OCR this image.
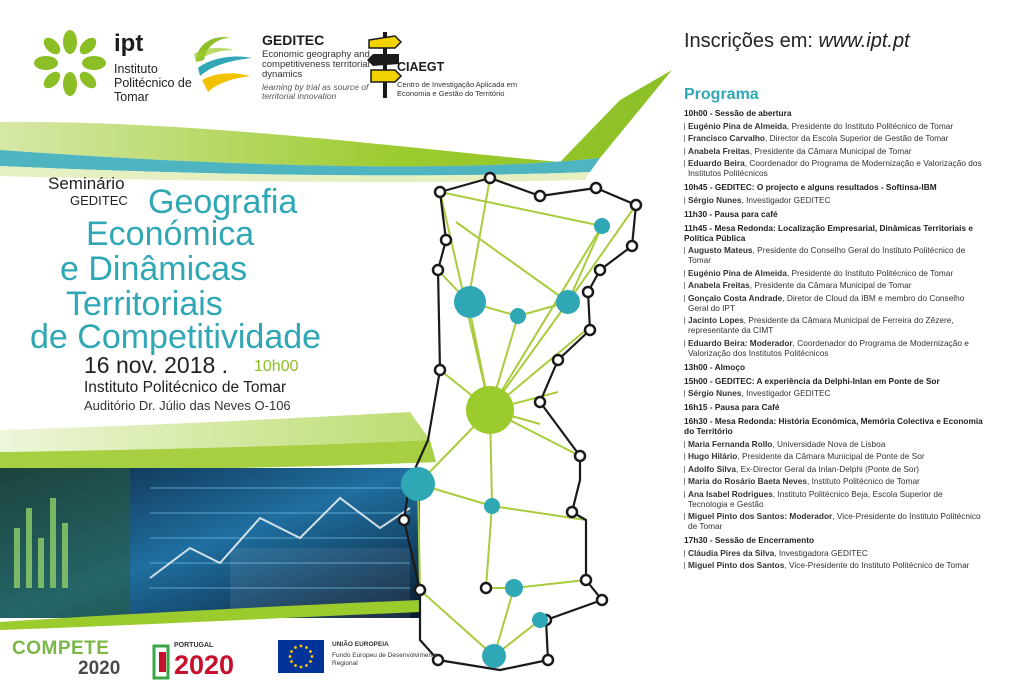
ipt
Instituto Politécnico de Tomar
GEDITEC
Economic geography and competitiveness territorial dynamics
learning by trial as source of territorial innovation
CIAEGT
Centro de Investigação Aplicada em Economia e Gestão do Território
Seminário
GEDITEC Geografia
Económica
e Dinâmicas
Territoriais
de Competitividade
16 nov. 2018 . 10h00
Instituto Politécnico de Tomar
Auditório Dr. Júlio das Neves O-106
Inscrições em: www.ipt.pt
Programa
10h00 - Sessão de abertura
Eugénio Pina de Almeida, Presidente do Instituto Politécnico de Tomar
Francisco Carvalho, Director da Escola Superior de Gestão de Tomar
Anabela Freitas, Presidente da Câmara Municipal de Tomar
Eduardo Beira, Coordenador do Programa de Modernização e Valorização dos Institutos Politécnicos
10h45 - GEDITEC: O projecto e alguns resultados - Softinsa-IBM
Sérgio Nunes, Investigador GEDITEC
11h30 - Pausa para café
11h45 - Mesa Redonda: Localização Empresarial, Dinâmicas Territoriais e Política Pública
Augusto Mateus, Presidente do Conselho Geral do Instituto Politécnico de Tomar
Eugénio Pina de Almeida, Presidente do Instituto Politécnico de Tomar
Anabela Freitas, Presidente da Câmara Municipal de Tomar
Gonçalo Costa Andrade, Diretor de Cloud da IBM e membro do Conselho Geral do IPT
Jacinto Lopes, Presidente da Câmara Municipal de Ferreira do Zêzere, representante da CIMT
Eduardo Beira: Moderador, Coordenador do Programa de Modernização e Valorização dos Institutos Politécnicos
13h00 - Almoço
15h00 - GEDITEC: A experiência da Delphi-Inlan em Ponte de Sor
Sérgio Nunes, Investigador GEDITEC
16h15 - Pausa para Café
16h30 - Mesa Redonda: História Económica, Memória Colectiva e Economia do Território
Maria Fernanda Rollo, Universidade Nova de Lisboa
Hugo Hilário, Presidente da Câmara Municipal de Ponte de Sor
Adolfo Silva, Ex-Director Geral da Inlan-Delphi (Ponte de Sor)
Maria do Rosário Baeta Neves, Instituto Politécnico de Tomar
Ana Isabel Rodrigues, Instituto Politécnico Beja, Escola Superior de Tecnologia e Gestão
Miguel Pinto dos Santos: Moderador, Vice-Presidente do Instituto Politécnico de Tomar
17h30 - Sessão de Encerramento
Cláudia Pires da Silva, Investigadora GEDITEC
Miguel Pinto dos Santos, Vice-Presidente do Instituto Politécnico de Tomar
COMPETE
2020
PORTUGAL
2020
UNIÃO EUROPEIA
Fundo Europeu de Desenvolvimento Regional
